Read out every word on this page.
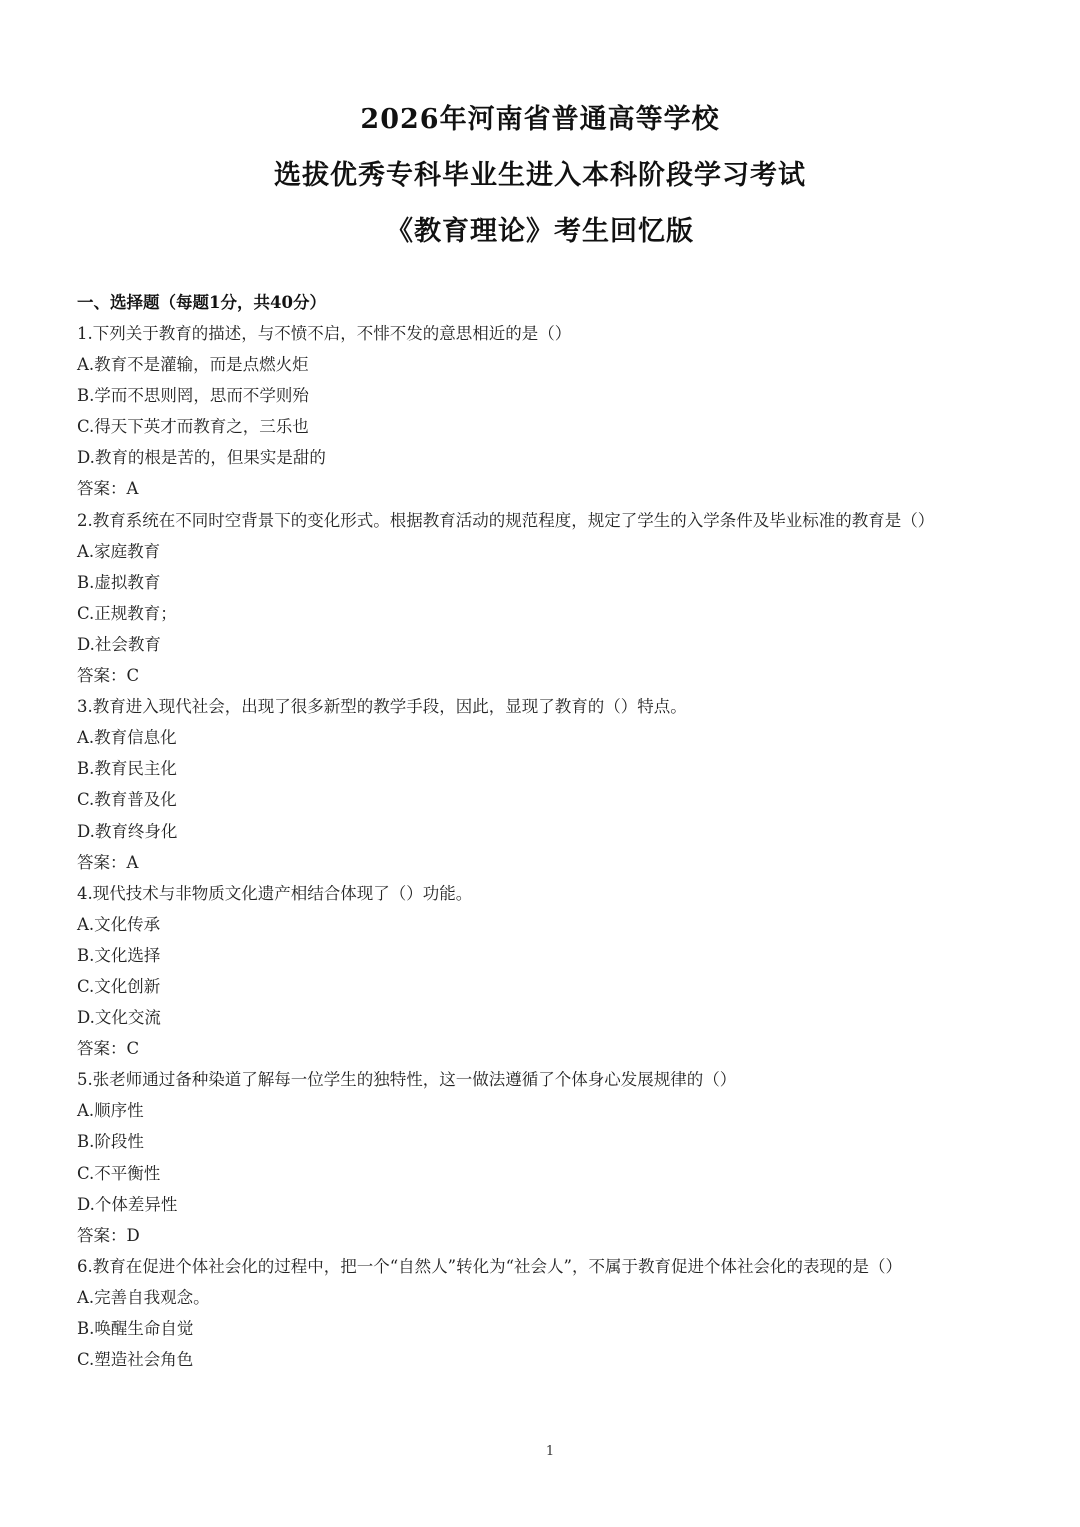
2026年河南省普通高等学校
选拔优秀专科毕业生进入本科阶段学习考试
《教育理论》考生回忆版
一、选择题（每题1分，共40分）
1.下列关于教育的描述，与不愤不启，不悱不发的意思相近的是（）
A.教育不是灌输，而是点燃火炬
B.学而不思则罔，思而不学则殆
C.得天下英才而教育之，三乐也
D.教育的根是苦的，但果实是甜的
答案：A
2.教育系统在不同时空背景下的变化形式。根据教育活动的规范程度，规定了学生的入学条件及毕业标准的教育是（）
A.家庭教育
B.虚拟教育
C.正规教育；
D.社会教育
答案：C
3.教育进入现代社会，出现了很多新型的教学手段，因此，显现了教育的（）特点。
A.教育信息化
B.教育民主化
C.教育普及化
D.教育终身化
答案：A
4.现代技术与非物质文化遗产相结合体现了（）功能。
A.文化传承
B.文化选择
C.文化创新
D.文化交流
答案：C
5.张老师通过备种染道了解每一位学生的独特性，这一做法遵循了个体身心发展规律的（）
A.顺序性
B.阶段性
C.不平衡性
D.个体差异性
答案：D
6.教育在促进个体社会化的过程中，把一个“自然人”转化为“社会人”，不属于教育促进个体社会化的表现的是（）
A.完善自我观念。
B.唤醒生命自觉
C.塑造社会角色
1
